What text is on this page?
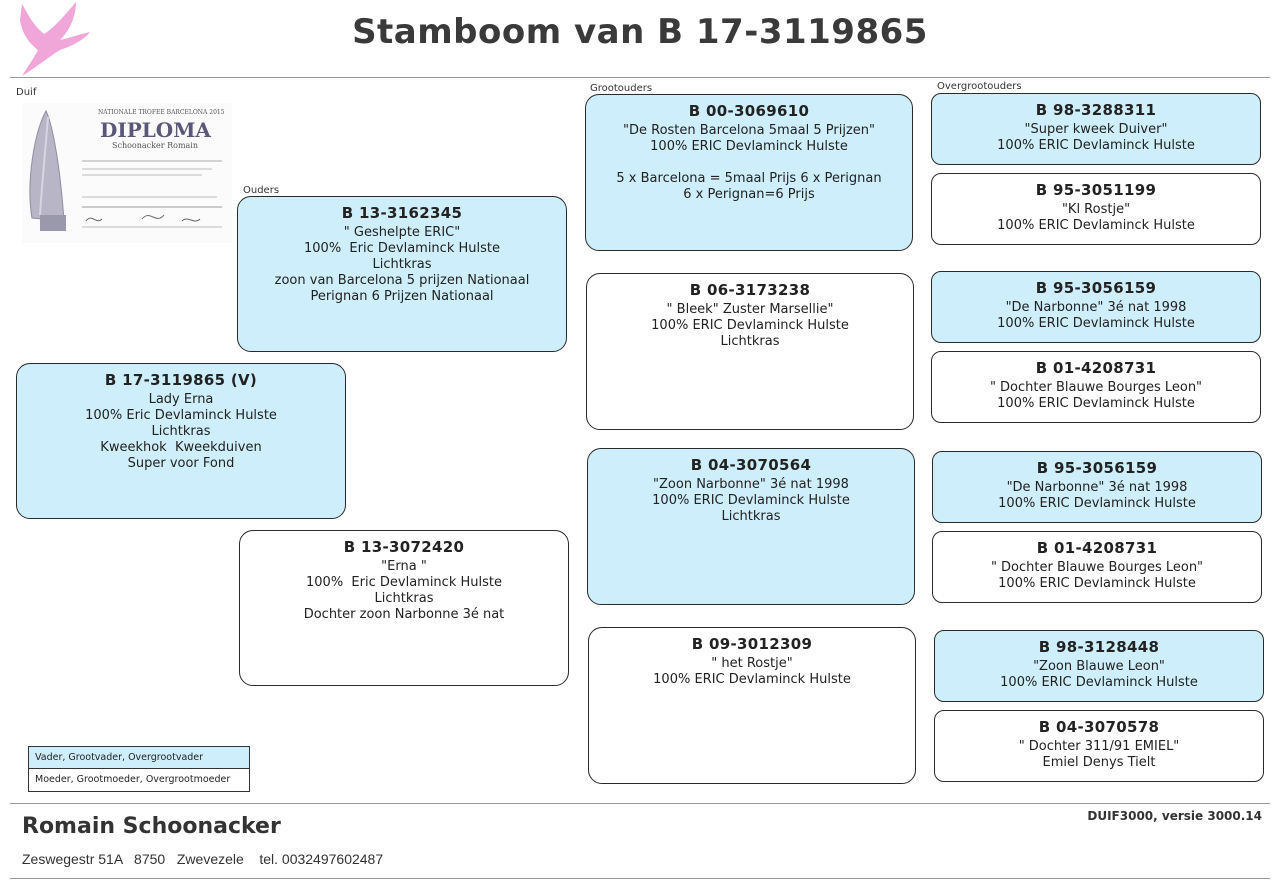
Stamboom van B 17-3119865
Duif
Ouders
Grootouders	Overgrootouders
NATIONALE TROFEE BARCELONA 2015
DIPLOMA
Schoonacker Romain
B 17-3119865 (V)
Lady Erna
100% Eric Devlaminck Hulste
Lichtkras
Kweekhok  Kweekduiven
Super voor Fond
B 13-3162345
" Geshelpte ERIC"
100%  Eric Devlaminck Hulste
Lichtkras
zoon van Barcelona 5 prijzen Nationaal
Perignan 6 Prijzen Nationaal
B 13-3072420
"Erna "
100%  Eric Devlaminck Hulste
Lichtkras
Dochter zoon Narbonne 3é nat
B 00-3069610
"De Rosten Barcelona 5maal 5 Prijzen"
100% ERIC Devlaminck Hulste
5 x Barcelona = 5maal Prijs 6 x Perignan
6 x Perignan=6 Prijs
B 06-3173238
" Bleek" Zuster Marsellie"
100% ERIC Devlaminck Hulste
Lichtkras
B 04-3070564
"Zoon Narbonne" 3é nat 1998
100% ERIC Devlaminck Hulste
Lichtkras
B 09-3012309
" het Rostje"
100% ERIC Devlaminck Hulste
B 98-3288311
"Super kweek Duiver"
100% ERIC Devlaminck Hulste
B 95-3051199
"Kl Rostje"
100% ERIC Devlaminck Hulste
B 95-3056159
"De Narbonne" 3é nat 1998
100% ERIC Devlaminck Hulste
B 01-4208731
" Dochter Blauwe Bourges Leon"
100% ERIC Devlaminck Hulste
B 95-3056159
"De Narbonne" 3é nat 1998
100% ERIC Devlaminck Hulste
B 01-4208731
" Dochter Blauwe Bourges Leon"
100% ERIC Devlaminck Hulste
B 98-3128448
"Zoon Blauwe Leon"
100% ERIC Devlaminck Hulste
B 04-3070578
" Dochter 311/91 EMIEL"
Emiel Denys Tielt
Vader, Grootvader, Overgrootvader
Moeder, Grootmoeder, Overgrootmoeder
Romain Schoonacker
Zeswegestr 51A   8750   Zwevezele    tel. 0032497602487
DUIF3000, versie 3000.14
